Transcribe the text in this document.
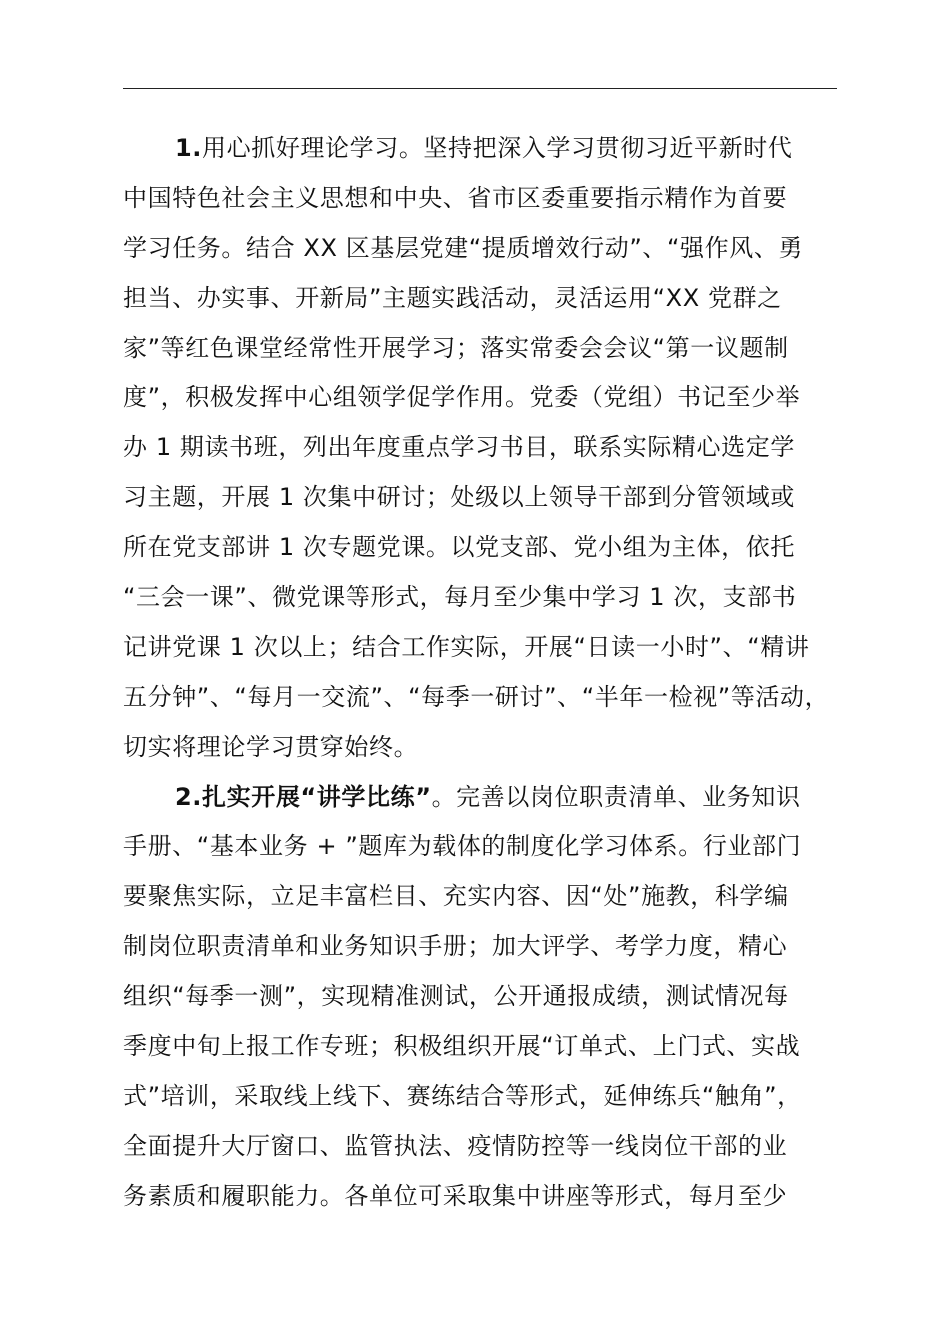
1.用心抓好理论学习。坚持把深入学习贯彻习近平新时代
中国特色社会主义思想和中央、省市区委重要指示精作为首要
学习任务。结合 XX 区基层党建“提质增效行动”、“强作风、勇
担当、办实事、开新局”主题实践活动，灵活运用“XX 党群之
家”等红色课堂经常性开展学习；落实常委会会议“第一议题制
度”，积极发挥中心组领学促学作用。党委（党组）书记至少举
办 1 期读书班，列出年度重点学习书目，联系实际精心选定学
习主题，开展 1 次集中研讨；处级以上领导干部到分管领域或
所在党支部讲 1 次专题党课。以党支部、党小组为主体，依托
“三会一课”、微党课等形式，每月至少集中学习 1 次，支部书
记讲党课 1 次以上；结合工作实际，开展“日读一小时”、“精讲
五分钟”、“每月一交流”、“每季一研讨”、“半年一检视”等活动，
切实将理论学习贯穿始终。
2.扎实开展“讲学比练”。完善以岗位职责清单、业务知识
手册、“基本业务 + ”题库为载体的制度化学习体系。行业部门
要聚焦实际，立足丰富栏目、充实内容、因“处”施教，科学编
制岗位职责清单和业务知识手册；加大评学、考学力度，精心
组织“每季一测”，实现精准测试，公开通报成绩，测试情况每
季度中旬上报工作专班；积极组织开展“订单式、上门式、实战
式”培训，采取线上线下、赛练结合等形式，延伸练兵“触角”，
全面提升大厅窗口、监管执法、疫情防控等一线岗位干部的业
务素质和履职能力。各单位可采取集中讲座等形式，每月至少
